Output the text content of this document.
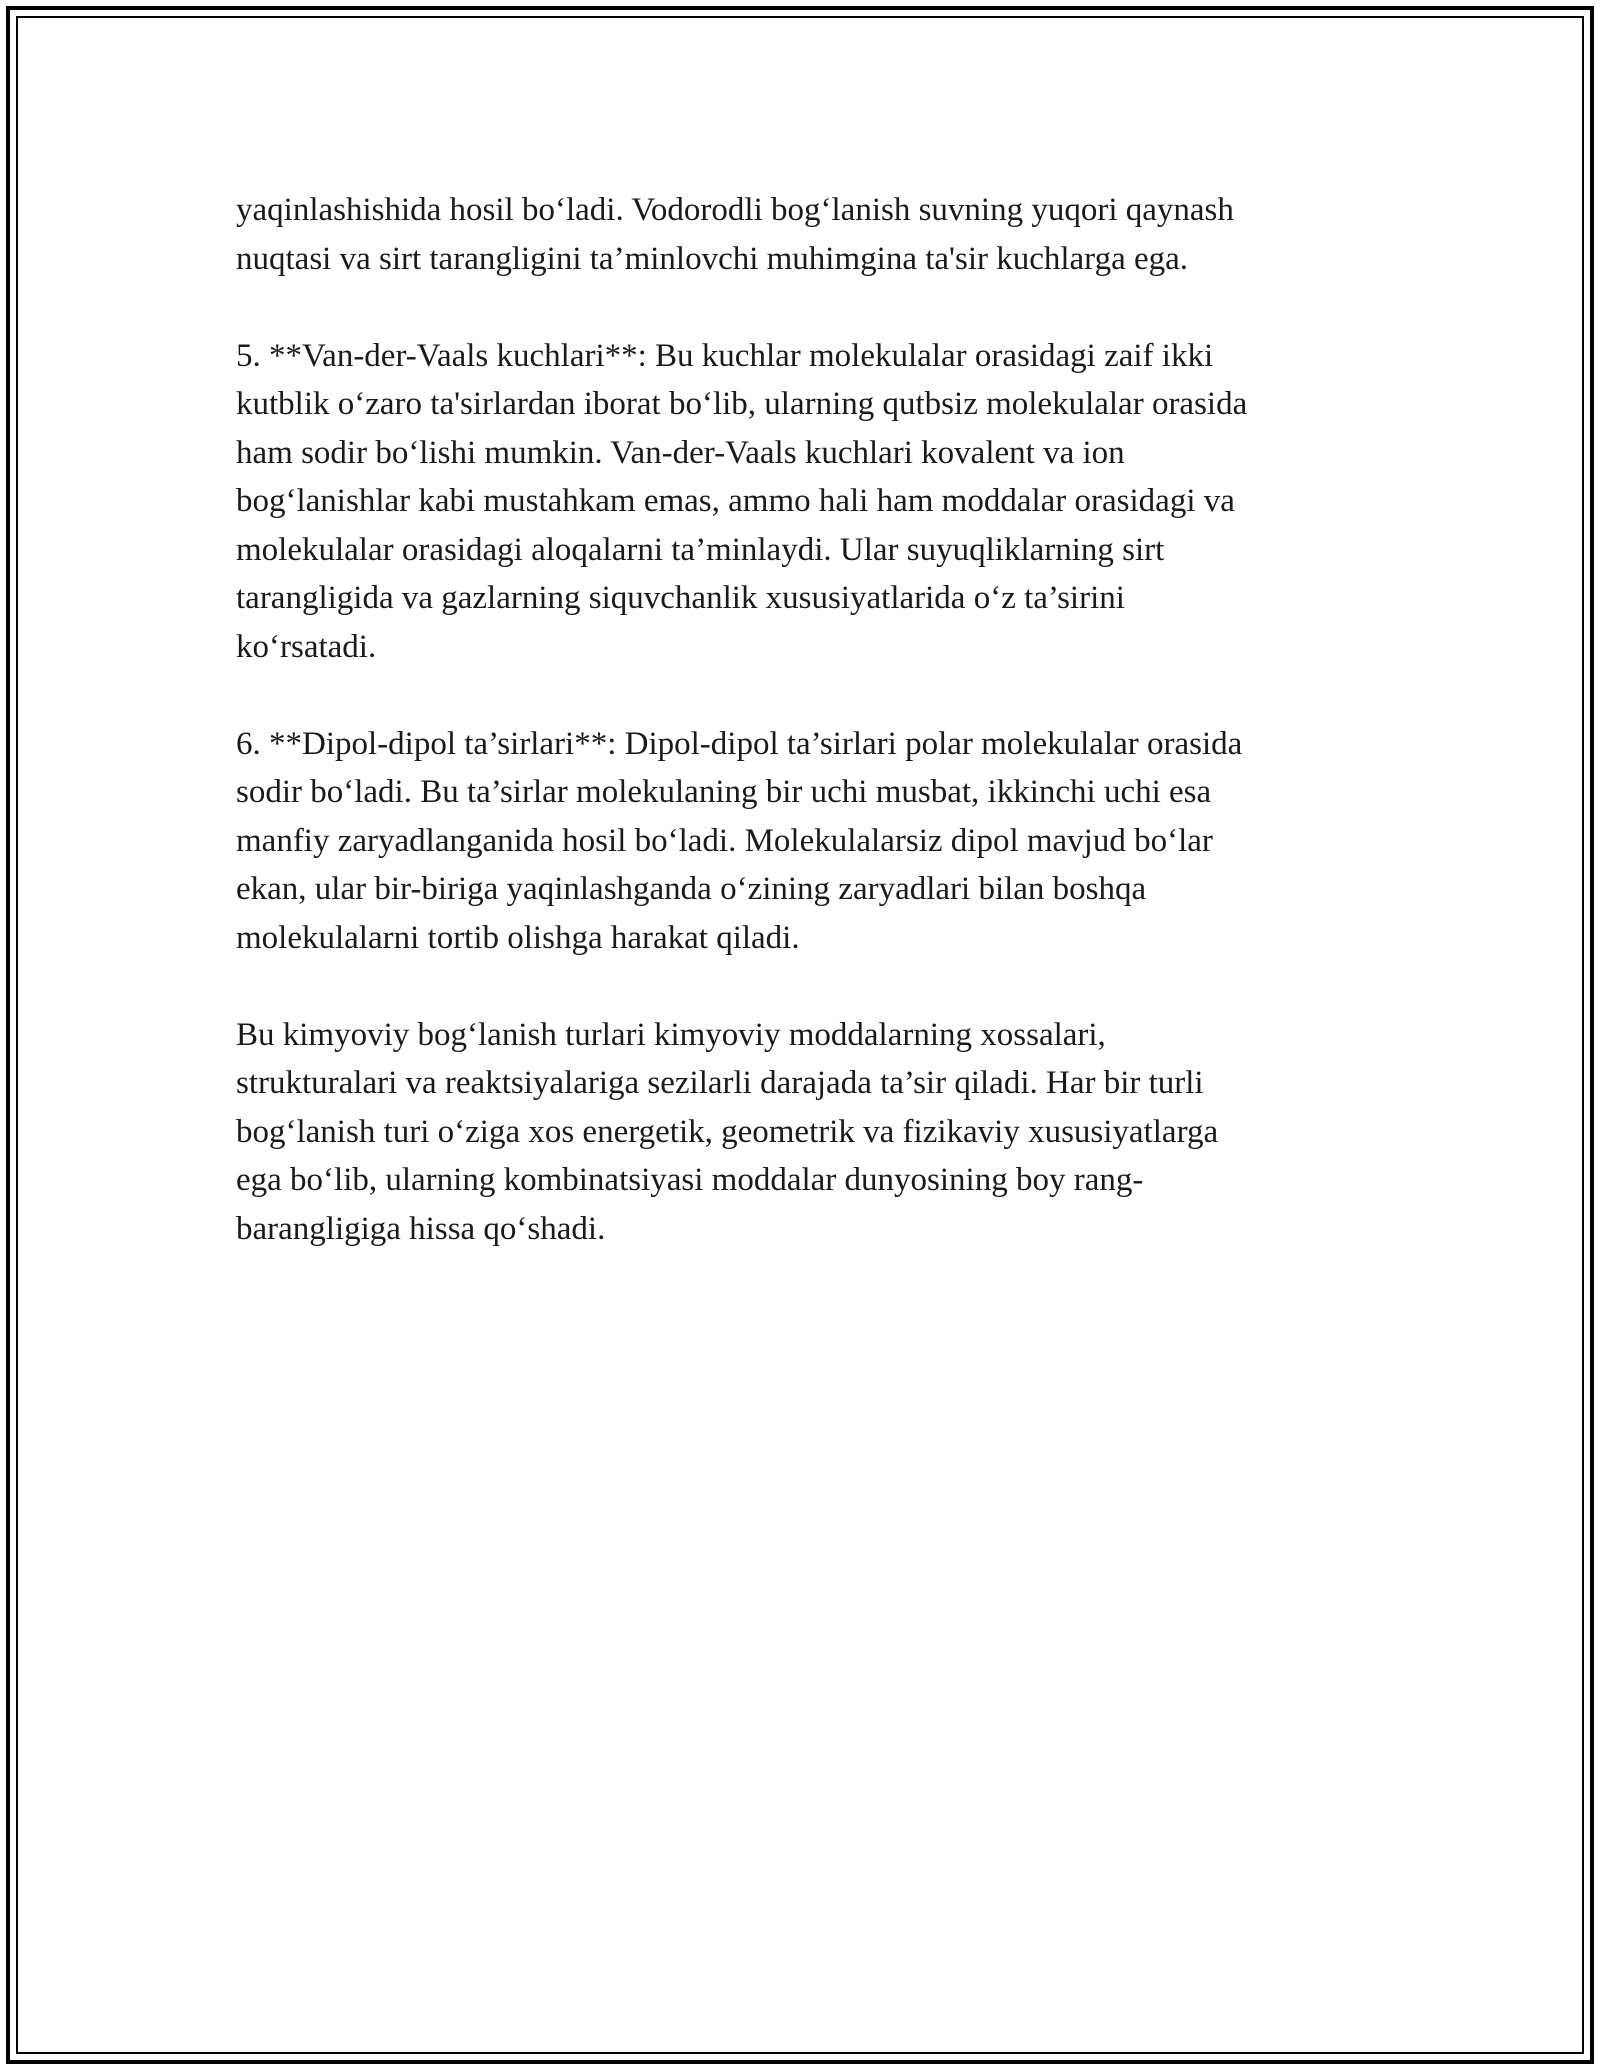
yaqinlashishida hosil bo‘ladi. Vodorodli bog‘lanish suvning yuqori qaynash
nuqtasi va sirt tarangligini ta’minlovchi muhimgina ta'sir kuchlarga ega.

5. **Van-der-Vaals kuchlari**: Bu kuchlar molekulalar orasidagi zaif ikki
kutblik o‘zaro ta'sirlardan iborat bo‘lib, ularning qutbsiz molekulalar orasida
ham sodir bo‘lishi mumkin. Van-der-Vaals kuchlari kovalent va ion
bog‘lanishlar kabi mustahkam emas, ammo hali ham moddalar orasidagi va
molekulalar orasidagi aloqalarni ta’minlaydi. Ular suyuqliklarning sirt
tarangligida va gazlarning siquvchanlik xususiyatlarida o‘z ta’sirini
ko‘rsatadi.

6. **Dipol-dipol ta’sirlari**: Dipol-dipol ta’sirlari polar molekulalar orasida
sodir bo‘ladi. Bu ta’sirlar molekulaning bir uchi musbat, ikkinchi uchi esa
manfiy zaryadlanganida hosil bo‘ladi. Molekulalarsiz dipol mavjud bo‘lar
ekan, ular bir-biriga yaqinlashganda o‘zining zaryadlari bilan boshqa
molekulalarni tortib olishga harakat qiladi.

Bu kimyoviy bog‘lanish turlari kimyoviy moddalarning xossalari,
strukturalari va reaktsiyalariga sezilarli darajada ta’sir qiladi. Har bir turli
bog‘lanish turi o‘ziga xos energetik, geometrik va fizikaviy xususiyatlarga
ega bo‘lib, ularning kombinatsiyasi moddalar dunyosining boy rang-
barangligiga hissa qo‘shadi.
